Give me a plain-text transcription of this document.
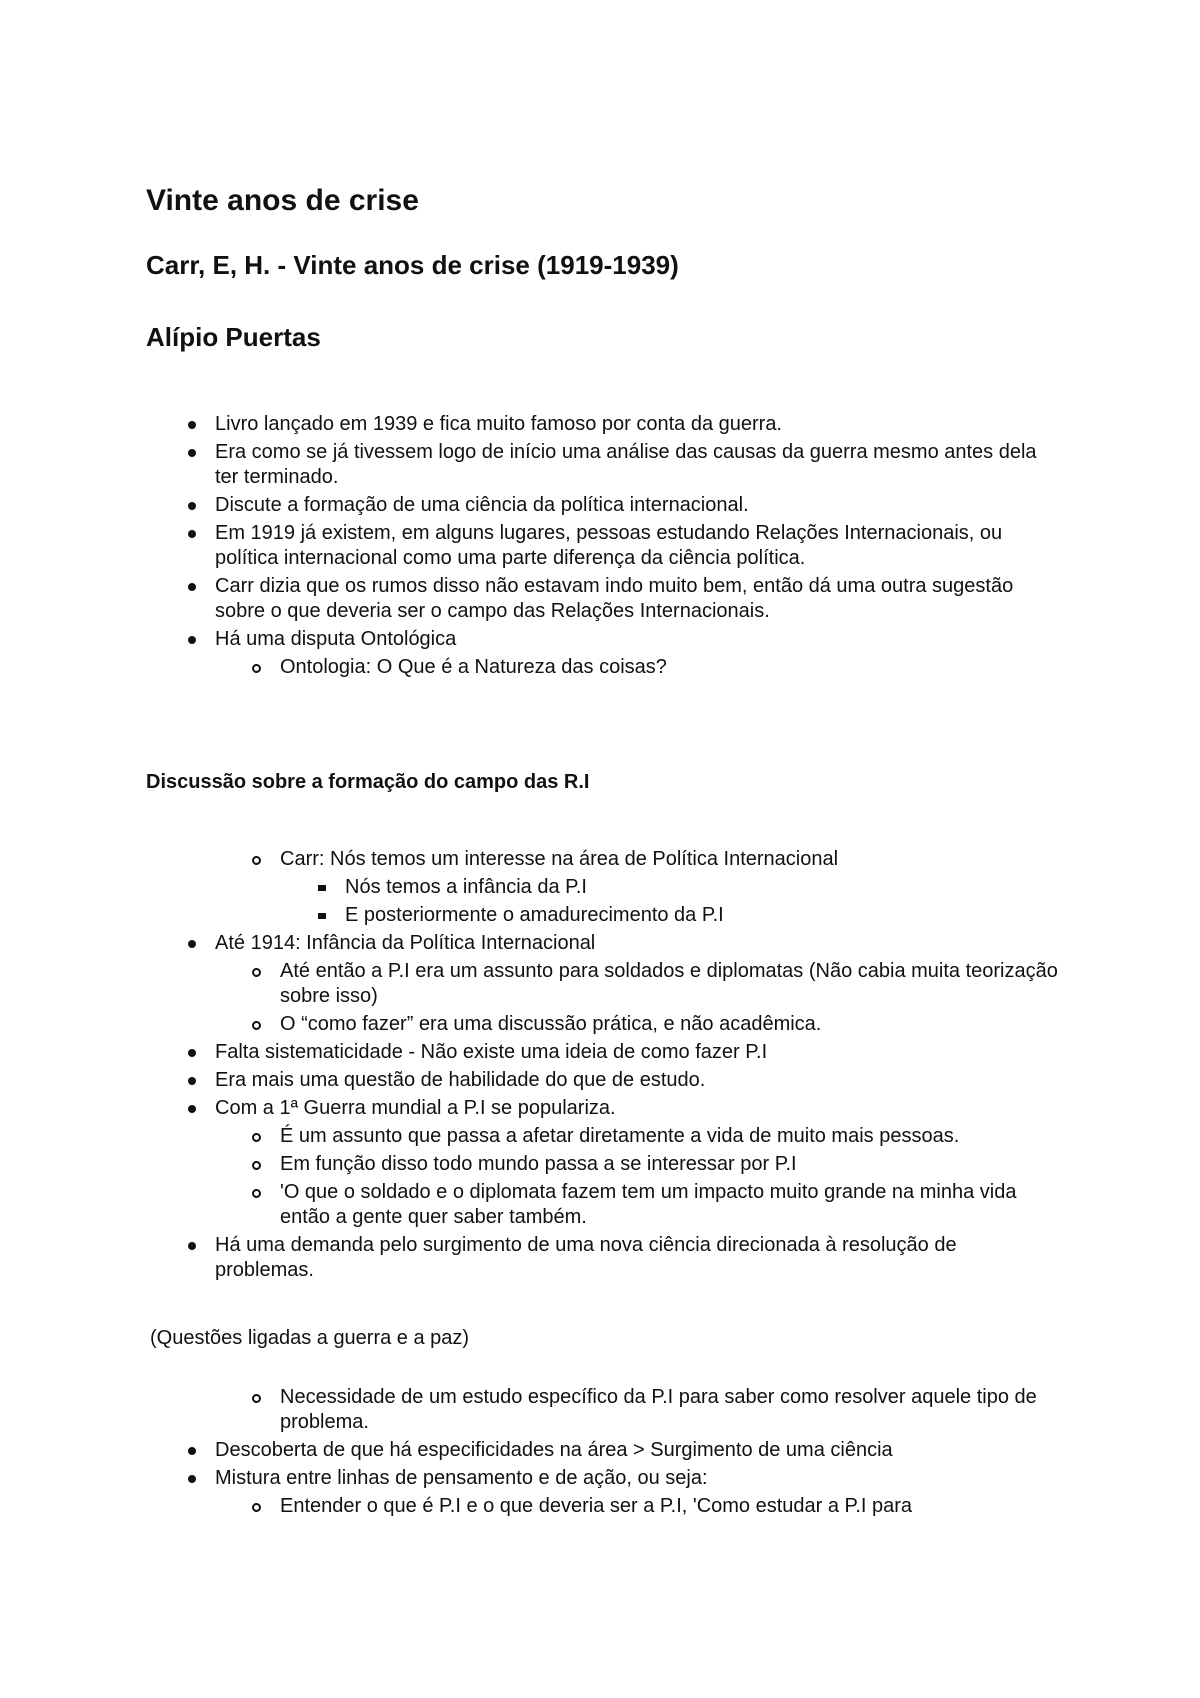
Vinte anos de crise
Carr, E, H. - Vinte anos de crise (1919-1939)
Alípio Puertas
Livro lançado em 1939 e fica muito famoso por conta da guerra.
Era como se já tivessem logo de início uma análise das causas da guerra mesmo antes dela ter terminado.
Discute a formação de uma ciência da política internacional.
Em 1919 já existem, em alguns lugares, pessoas estudando Relações Internacionais, ou política internacional como uma parte diferença da ciência política.
Carr dizia que os rumos disso não estavam indo muito bem, então dá uma outra sugestão sobre o que deveria ser o campo das Relações Internacionais.
Há uma disputa Ontológica
Ontologia: O Que é a Natureza das coisas?
Discussão sobre a formação do campo das R.I
Carr: Nós temos um interesse na área de Política Internacional
Nós temos a infância da P.I
E posteriormente o amadurecimento da P.I
Até 1914: Infância da Política Internacional
Até então a P.I era um assunto para soldados e diplomatas (Não cabia muita teorização sobre isso)
O “como fazer” era uma discussão prática, e não acadêmica.
Falta sistematicidade - Não existe uma ideia de como fazer P.I
Era mais uma questão de habilidade do que de estudo.
Com a 1ª Guerra mundial a P.I se populariza.
É um assunto que passa a afetar diretamente a vida de muito mais pessoas.
Em função disso todo mundo passa a se interessar por P.I
'O que o soldado e o diplomata fazem tem um impacto muito grande na minha vida então a gente quer saber também.
Há uma demanda pelo surgimento de uma nova ciência direcionada à resolução de problemas.

(Questões ligadas a guerra e a paz)

Necessidade de um estudo específico da P.I para saber como resolver aquele tipo de problema.
Descoberta de que há especificidades na área > Surgimento de uma ciência
Mistura entre linhas de pensamento e de ação, ou seja:
Entender o que é P.I e o que deveria ser a P.I, 'Como estudar a P.I para
